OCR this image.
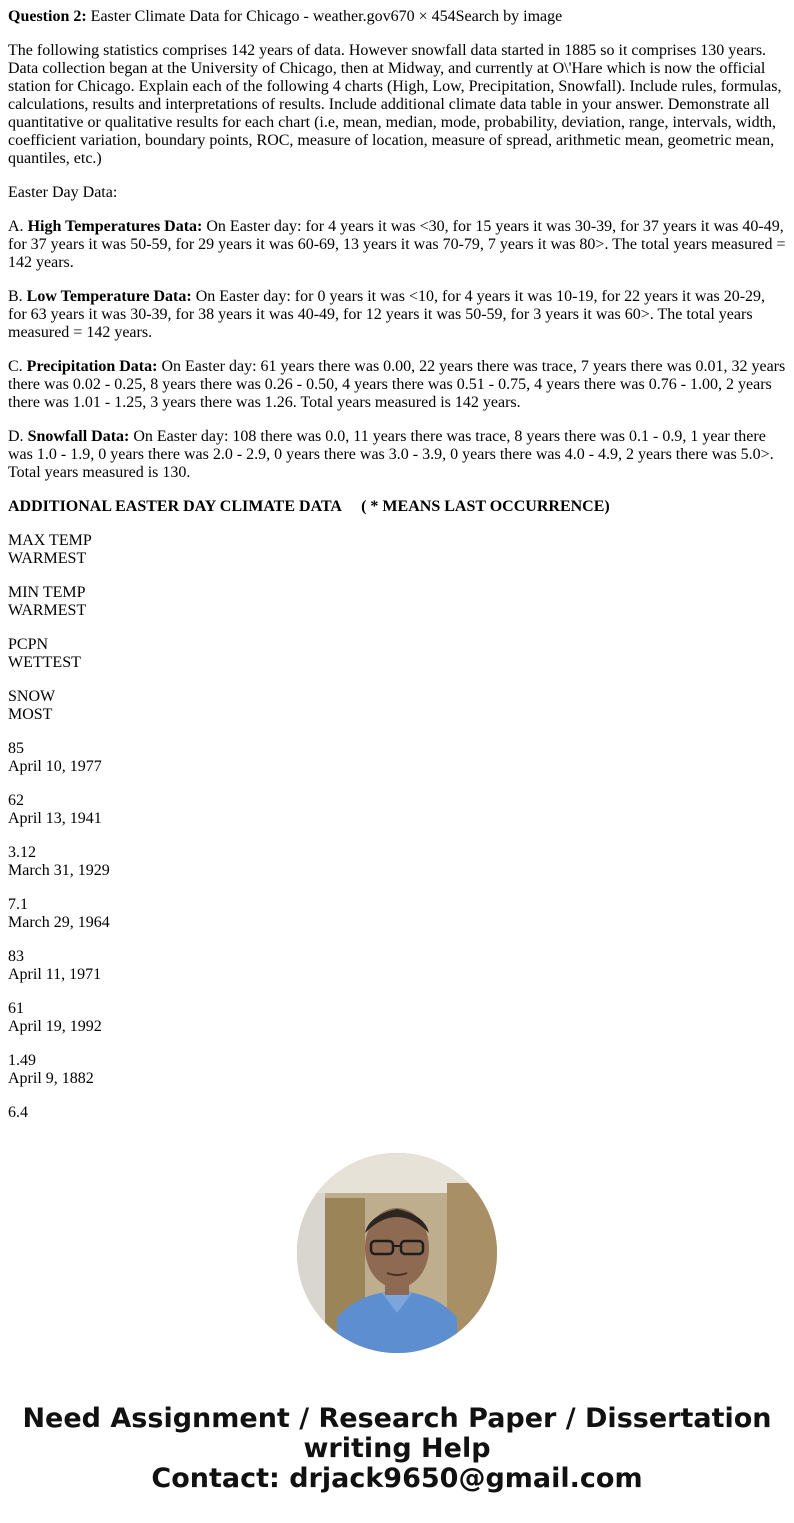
Question 2: Easter Climate Data for Chicago - weather.gov670 × 454Search by image

The following statistics comprises 142 years of data. However snowfall data started in 1885 so it comprises 130 years. Data collection began at the University of Chicago, then at Midway, and currently at O\'Hare which is now the official station for Chicago. Explain each of the following 4 charts (High, Low, Precipitation, Snowfall). Include rules, formulas, calculations, results and interpretations of results. Include additional climate data table in your answer. Demonstrate all quantitative or qualitative results for each chart (i.e, mean, median, mode, probability, deviation, range, intervals, width, coefficient variation, boundary points, ROC, measure of location, measure of spread, arithmetic mean, geometric mean, quantiles, etc.)

Easter Day Data:

A. High Temperatures Data: On Easter day: for 4 years it was <30, for 15 years it was 30-39, for 37 years it was 40-49, for 37 years it was 50-59, for 29 years it was 60-69, 13 years it was 70-79, 7 years it was 80>. The total years measured = 142 years.

B. Low Temperature Data: On Easter day: for 0 years it was <10, for 4 years it was 10-19, for 22 years it was 20-29, for 63 years it was 30-39, for 38 years it was 40-49, for 12 years it was 50-59, for 3 years it was 60>. The total years measured = 142 years.

C. Precipitation Data: On Easter day: 61 years there was 0.00, 22 years there was trace, 7 years there was 0.01, 32 years there was 0.02 - 0.25, 8 years there was 0.26 - 0.50, 4 years there was 0.51 - 0.75, 4 years there was 0.76 - 1.00, 2 years there was 1.01 - 1.25, 3 years there was 1.26. Total years measured is 142 years.

D. Snowfall Data: On Easter day: 108 there was 0.0, 11 years there was trace, 8 years there was 0.1 - 0.9, 1 year there was 1.0 - 1.9, 0 years there was 2.0 - 2.9, 0 years there was 3.0 - 3.9, 0 years there was 4.0 - 4.9, 2 years there was 5.0>. Total years measured is 130.

ADDITIONAL EASTER DAY CLIMATE DATA     ( * MEANS LAST OCCURRENCE)

MAX TEMP
WARMEST
MIN TEMP
WARMEST
PCPN
WETTEST
SNOW
MOST
85
April 10, 1977
62
April 13, 1941
3.12
March 31, 1929
7.1
March 29, 1964
83
April 11, 1971
61
April 19, 1992
1.49
April 9, 1882
6.4
Need Assignment / Research Paper / Dissertation
writing Help
Contact: drjack9650@gmail.com
